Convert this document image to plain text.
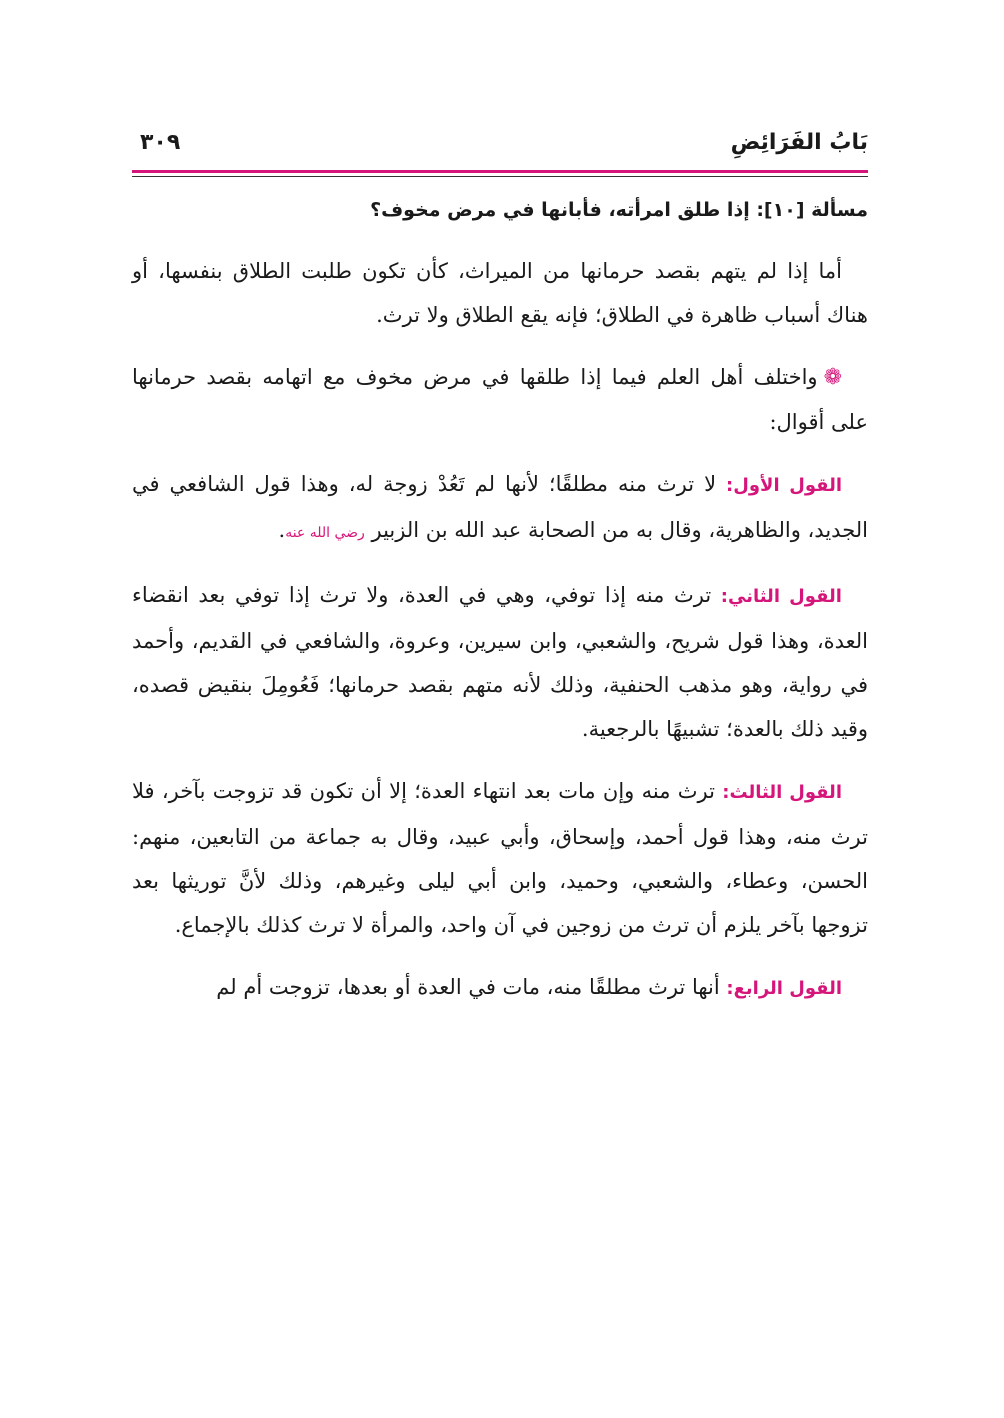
بَابُ الفَرَائِضِ
٣٠٩
مسألة [١٠]: إذا طلق امرأته، فأبانها في مرض مخوف؟

أما إذا لم يتهم بقصد حرمانها من الميراث، كأن تكون طلبت الطلاق بنفسها، أو هناك أسباب ظاهرة في الطلاق؛ فإنه يقع الطلاق ولا ترث.

❁واختلف أهل العلم فيما إذا طلقها في مرض مخوف مع اتهامه بقصد حرمانها على أقوال:

القول الأول: لا ترث منه مطلقًا؛ لأنها لم تَعُدْ زوجة له، وهذا قول الشافعي في الجديد، والظاهرية، وقال به من الصحابة عبد الله بن الزبير رضي الله عنه.

القول الثاني: ترث منه إذا توفي، وهي في العدة، ولا ترث إذا توفي بعد انقضاء العدة، وهذا قول شريح، والشعبي، وابن سيرين، وعروة، والشافعي في القديم، وأحمد في رواية، وهو مذهب الحنفية، وذلك لأنه متهم بقصد حرمانها؛ فَعُومِلَ بنقيض قصده، وقيد ذلك بالعدة؛ تشبيهًا بالرجعية.

القول الثالث: ترث منه وإن مات بعد انتهاء العدة؛ إلا أن تكون قد تزوجت بآخر، فلا ترث منه، وهذا قول أحمد، وإسحاق، وأبي عبيد، وقال به جماعة من التابعين، منهم: الحسن، وعطاء، والشعبي، وحميد، وابن أبي ليلى وغيرهم، وذلك لأنَّ توريثها بعد تزوجها بآخر يلزم أن ترث من زوجين في آن واحد، والمرأة لا ترث كذلك بالإجماع.

القول الرابع: أنها ترث مطلقًا منه، مات في العدة أو بعدها، تزوجت أم لم
